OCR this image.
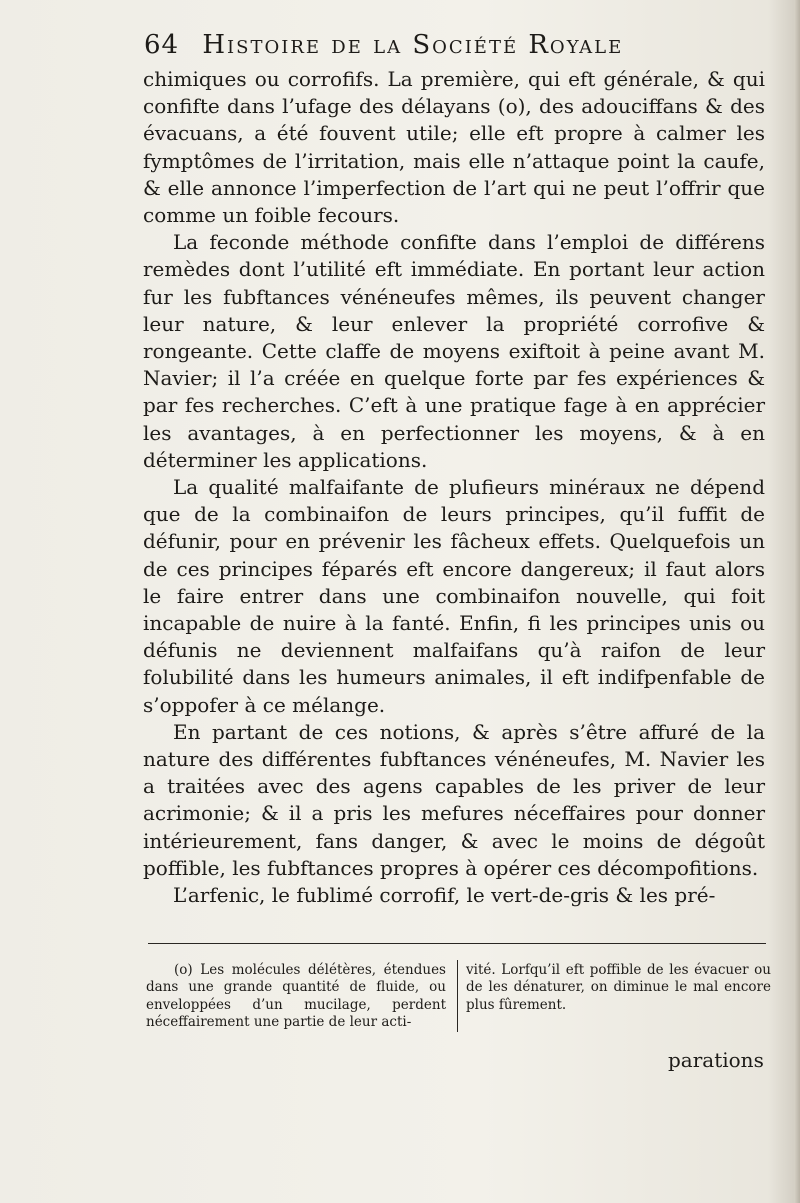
64 Histoire de la Société Royale

chimiques ou corrofifs. La première, qui eft générale, & qui confifte dans l’ufage des délayans (o), des adouciffans & des évacuans, a été fouvent utile; elle eft propre à calmer les fymptômes de l’irritation, mais elle n’attaque point la caufe, & elle annonce l’imperfection de l’art qui ne peut l’offrir que comme un foible fecours.

La feconde méthode confifte dans l’emploi de différens remèdes dont l’utilité eft immédiate. En portant leur action fur les fubftances vénéneufes mêmes, ils peuvent changer leur nature, & leur enlever la propriété corrofive & rongeante. Cette claffe de moyens exiftoit à peine avant M. Navier; il l’a créée en quelque forte par fes expériences & par fes recherches. C’eft à une pratique fage à en apprécier les avantages, à en perfectionner les moyens, & à en déterminer les applications.

La qualité malfaifante de plufieurs minéraux ne dépend que de la combinaifon de leurs principes, qu’il fuffit de défunir, pour en prévenir les fâcheux effets. Quelquefois un de ces principes féparés eft encore dangereux; il faut alors le faire entrer dans une combinaifon nouvelle, qui foit incapable de nuire à la fanté. Enfin, fi les principes unis ou défunis ne deviennent malfaifans qu’à raifon de leur folubilité dans les humeurs animales, il eft indifpenfable de s’oppofer à ce mélange.

En partant de ces notions, & après s’être affuré de la nature des différentes fubftances vénéneufes, M. Navier les a traitées avec des agens capables de les priver de leur acrimonie; & il a pris les mefures néceffaires pour donner intérieurement, fans danger, & avec le moins de dégoût poffible, les fubftances propres à opérer ces décompofitions.

L’arfenic, le fublimé corrofif, le vert-de-gris & les pré-

(o) Les molécules délétères, étendues dans une grande quantité de fluide, ou enveloppées d’un mucilage, perdent néceffairement une partie de leur acti-
vité. Lorfqu’il eft poffible de les évacuer ou de les dénaturer, on diminue le mal encore plus fûrement.
parations
